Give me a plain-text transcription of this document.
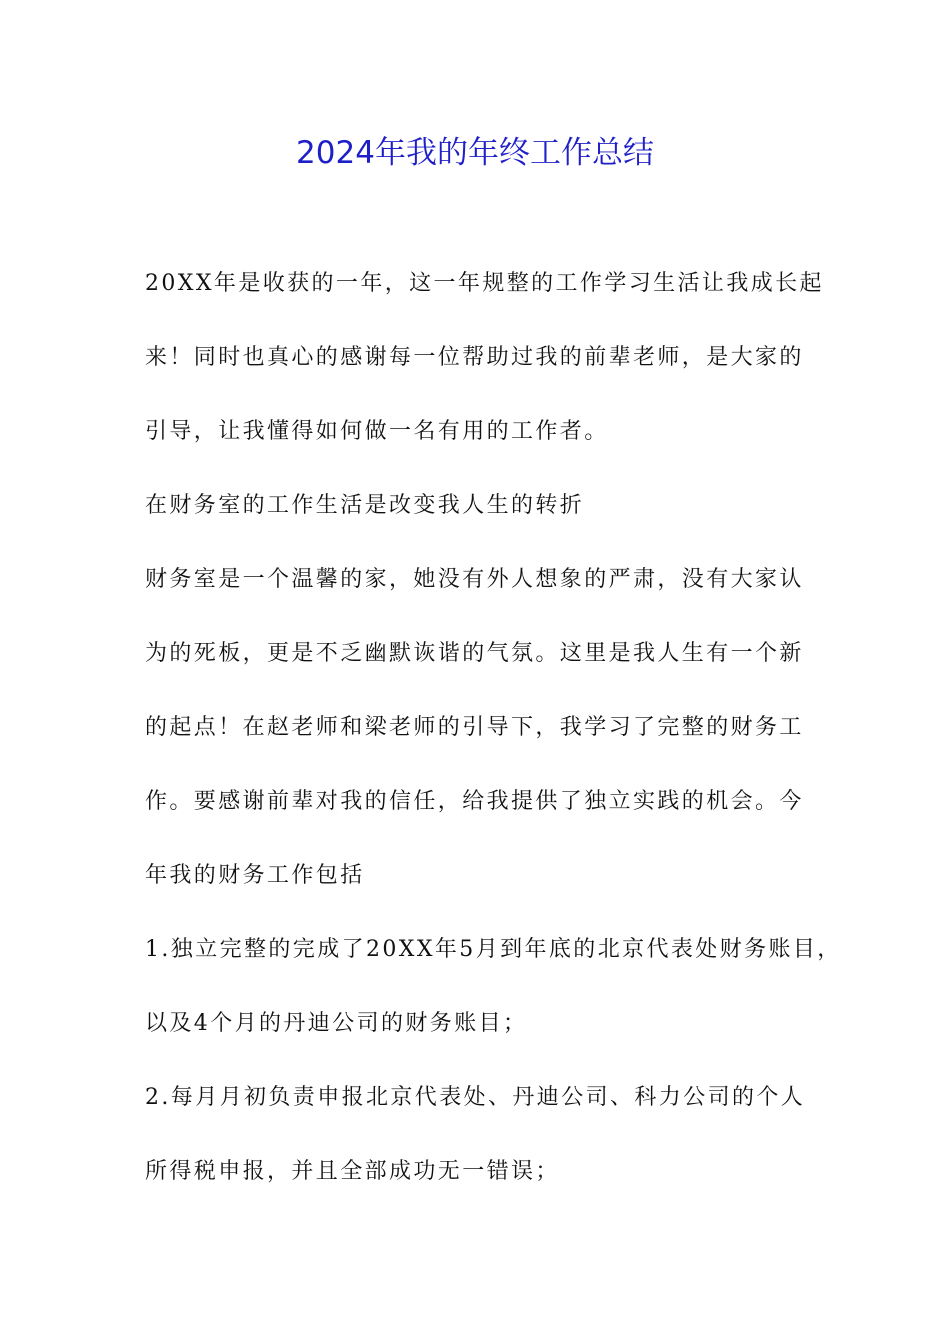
2024年我的年终工作总结
20XX年是收获的一年，这一年规整的工作学习生活让我成长起
来！同时也真心的感谢每一位帮助过我的前辈老师，是大家的
引导，让我懂得如何做一名有用的工作者。
在财务室的工作生活是改变我人生的转折
财务室是一个温馨的家，她没有外人想象的严肃，没有大家认
为的死板，更是不乏幽默诙谐的气氛。这里是我人生有一个新
的起点！在赵老师和梁老师的引导下，我学习了完整的财务工
作。要感谢前辈对我的信任，给我提供了独立实践的机会。今
年我的财务工作包括
1.独立完整的完成了20XX年5月到年底的北京代表处财务账目，
以及4个月的丹迪公司的财务账目；
2.每月月初负责申报北京代表处、丹迪公司、科力公司的个人
所得税申报，并且全部成功无一错误；
